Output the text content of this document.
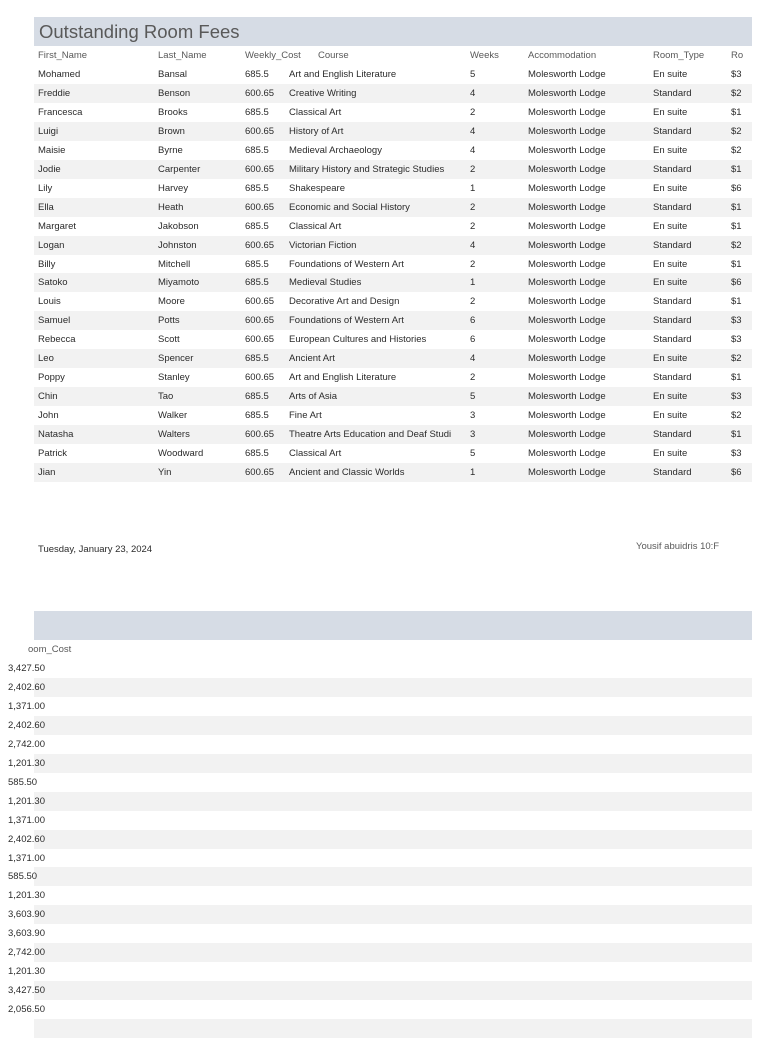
Outstanding Room Fees
First_Name	Last_Name	Weekly_Cost Course	Weeks	Accommodation	Room_Type	Ro
Mohamed	Bansal	685.5	Art and English Literature	5	Molesworth Lodge	En suite	$3
Freddie	Benson	600.65	Creative Writing	4	Molesworth Lodge	Standard	$2
Francesca	Brooks	685.5	Classical Art	2	Molesworth Lodge	En suite	$1
Luigi	Brown	600.65	History of Art	4	Molesworth Lodge	Standard	$2
Maisie	Byrne	685.5	Medieval Archaeology	4	Molesworth Lodge	En suite	$2
Jodie	Carpenter	600.65	Military History and Strategic Studies	2	Molesworth Lodge	Standard	$1
Lily	Harvey	685.5	Shakespeare	1	Molesworth Lodge	En suite	$6
Ella	Heath	600.65	Economic and Social History	2	Molesworth Lodge	Standard	$1
Margaret	Jakobson	685.5	Classical Art	2	Molesworth Lodge	En suite	$1
Logan	Johnston	600.65	Victorian Fiction	4	Molesworth Lodge	Standard	$2
Billy	Mitchell	685.5	Foundations of Western Art	2	Molesworth Lodge	En suite	$1
Satoko	Miyamoto	685.5	Medieval Studies	1	Molesworth Lodge	En suite	$6
Louis	Moore	600.65	Decorative Art and Design	2	Molesworth Lodge	Standard	$1
Samuel	Potts	600.65	Foundations of Western Art	6	Molesworth Lodge	Standard	$3
Rebecca	Scott	600.65	European Cultures and Histories	6	Molesworth Lodge	Standard	$3
Leo	Spencer	685.5	Ancient Art	4	Molesworth Lodge	En suite	$2
Poppy	Stanley	600.65	Art and English Literature	2	Molesworth Lodge	Standard	$1
Chin	Tao	685.5	Arts of Asia	5	Molesworth Lodge	En suite	$3
John	Walker	685.5	Fine Art	3	Molesworth Lodge	En suite	$2
Natasha	Walters	600.65	Theatre Arts Education and Deaf Studi	3	Molesworth Lodge	Standard	$1
Patrick	Woodward	685.5	Classical Art	5	Molesworth Lodge	En suite	$3
Jian	Yin	600.65	Ancient and Classic Worlds	1	Molesworth Lodge	Standard	$6
Tuesday, January 23, 2024	Yousif abuidris 10:F
oom_Cost
3,427.50
2,402.60
1,371.00
2,402.60
2,742.00
1,201.30
585.50
1,201.30
1,371.00
2,402.60
1,371.00
585.50
1,201.30
3,603.90
3,603.90
2,742.00
1,201.30
3,427.50
2,056.50
